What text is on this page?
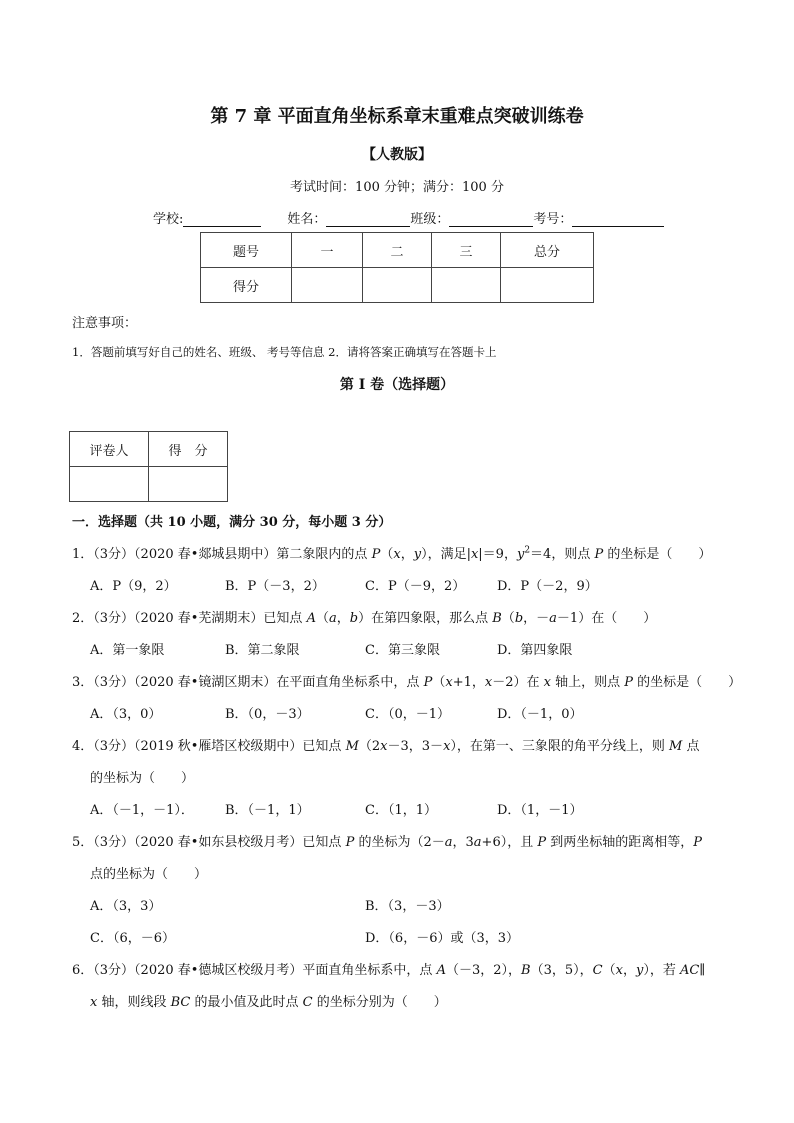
第 7 章 平面直角坐标系章末重难点突破训练卷
【人教版】
考试时间：100 分钟；满分：100 分
学校:	姓名：	班级：	考号：
题号	一	二	三	总分
得分				
注意事项：
1．答题前填写好自己的姓名、班级、 考号等信息 2．请将答案正确填写在答题卡上
第 I 卷（选择题）
评卷人	得　分

一．选择题（共 10 小题，满分 30 分，每小题 3 分）
1．（3分）（2020 春•郯城县期中）第二象限内的点 P（x，y），满足|x|＝9，$y^2=4$，则点 P 的坐标是（　　）
A．P（9，2）	B．P（－3，2）	C．P（－9，2） D．P（－2，9）
2．（3分）（2020 春•芜湖期末）已知点 A（a，b）在第四象限，那么点 B（b，－a－1）在（　　）
A．第一象限	B．第二象限	C．第三象限	D．第四象限
3．（3分）（2020 春•镜湖区期末）在平面直角坐标系中，点 P（x+1，x－2）在 x 轴上，则点 P 的坐标是（　　）
A．（3，0）	B．（0，－3）	C．（0，－1）	D．（－1，0）
4．（3分）（2019 秋•雁塔区校级期中）已知点 M（2x－3，3－x），在第一、三象限的角平分线上，则 M 点
的坐标为（　　）
A．（－1，－1）． B．（－1，1）	C．（1，1）	D．（1，－1）
5．（3分）（2020 春•如东县校级月考）已知点 P 的坐标为（2－a，3a+6），且 P 到两坐标轴的距离相等，P
点的坐标为（　　）
A．（3，3）	B．（3，－3）
C．（6，－6）	D．（6，－6）或（3，3）
6．（3分）（2020 春•德城区校级月考）平面直角坐标系中，点 A（－3，2），B（3，5），C（x，y），若 AC∥
x 轴，则线段 BC 的最小值及此时点 C 的坐标分别为（　　）
